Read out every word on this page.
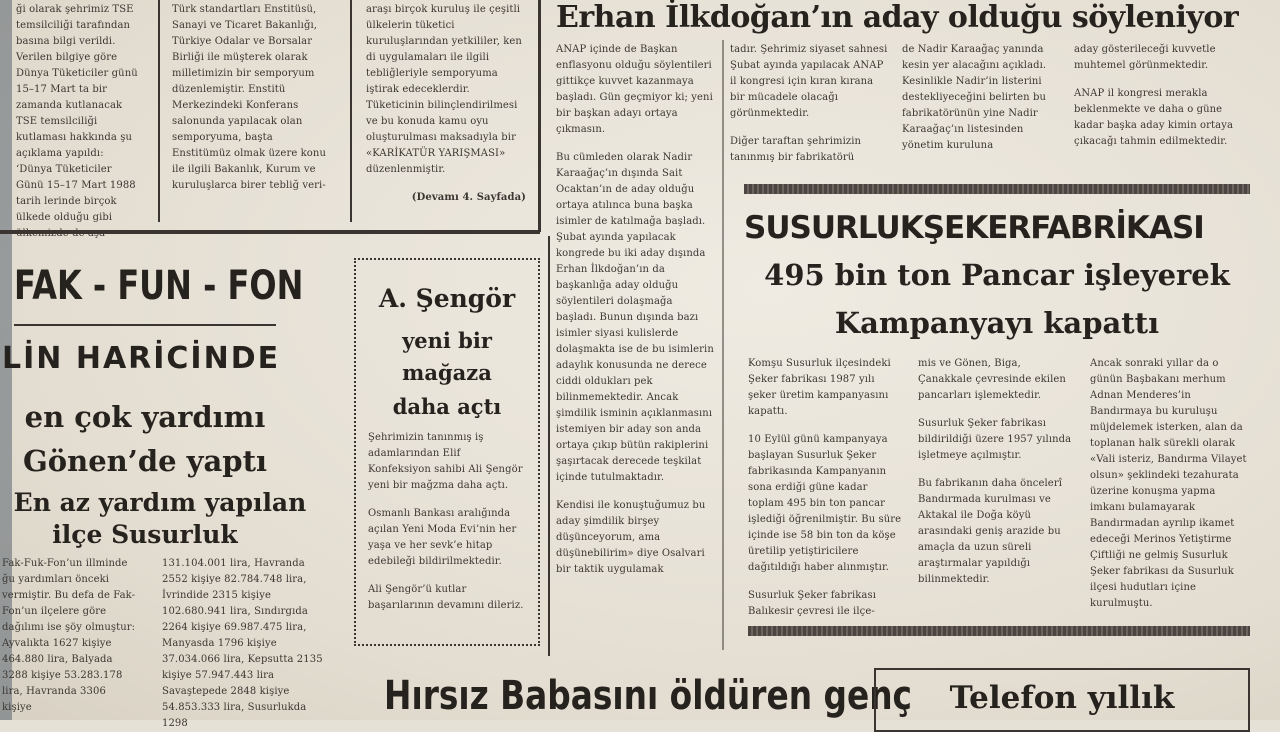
ği olarak şehrimiz TSE temsilciliği tarafından basına bilgi verildi. Verilen bilgiye göre Dünya Tüketiciler günü 15–17 Mart ta bir zamanda kutlanacak TSE temsilciliği kutlaması hakkında şu açıklama yapıldı: ‘Dünya Tüketiciler Günü 15–17 Mart 1988 tarih lerinde birçok ülkede olduğu gibi

Türk standartları Enstitüsü, Sanayi ve Ticaret Bakanlığı, Türkiye Odalar ve Borsalar Birliği ile müşterek olarak milletimizin bir semporyum düzenlemiştir. Enstitü Merkezindeki Konferans salonunda yapılacak olan semporyuma, başta Enstitümüz olmak üzere konu ile ilgili Bakanlık, Kurum ve kuruluşlarca birer tebliğ veri-

araşı birçok kuruluş ile çeşitli ülkelerin tüketici kuruluşlarından yetkililer, ken di uygulamaları ile ilgili tebliğleriyle semporyuma iştirak edeceklerdir. Tüketicinin bilinçlendirilmesi ve bu konuda kamu oyu oluşturulması maksadıyla bir «KARİKATÜR YARIŞMASI» düzenlenmiştir.

(Devamı 4. Sayfada)
Erhan İlkdoğan’ın aday olduğu söyleniyor

ANAP içinde de Başkan enflasyonu olduğu söylentileri gittikçe kuvvet kazanmaya başladı. Gün geçmiyor ki; yeni bir başkan adayı ortaya çıkmasın.

Bu cümleden olarak Nadir Karaağaç’ın dışında Sait Ocaktan’ın de aday olduğu ortaya atılınca buna başka isimler de katılmağa başladı. Şubat ayında yapılacak kongrede bu iki aday dışında Erhan İlkdoğan’ın da başkanlığa aday olduğu söylentileri dolaşmağa başladı. Bunun dışında bazı isimler siyasi kulislerde dolaşmakta ise de bu isimlerin adaylık konusunda ne derece ciddi oldukları pek bilinmemektedir. Ancak şimdilik isminin açıklanmasını istemiyen bir aday son anda ortaya çıkıp bütün rakiplerini şaşırtacak derecede teşkilat içinde tutulmaktadır.

Kendisi ile konuştuğumuz bu aday şimdilik birşey düşünceyorum, ama düşünebilirim» diye Osalvari bir taktik uygulamak

tadır. Şehrimiz siyaset sahnesi Şubat ayında yapılacak ANAP il kongresi için kıran kırana bir mücadele olacağı görünmektedir.

Diğer taraftan şehrimizin tanınmış bir fabrikatörü

de Nadir Karaağaç yanında kesin yer alacağını açıkladı. Kesinlikle Nadir’in listerini destekliyeceğini belirten bu fabrikatörünün yine Nadir Karaağaç’ın listesinden yönetim kuruluna

aday gösterileceği kuvvetle muhtemel görünmektedir.

ANAP il kongresi merakla beklenmekte ve daha o güne kadar başka aday kimin ortaya çıkacağı tahmin edilmektedir.

SUSURLUKŞEKERFABRİKASI
495 bin ton Pancar işleyerek
Kampanyayı kapattı

Komşu Susurluk ilçesindeki Şeker fabrikası 1987 yılı şeker üretim kampanyasını kapattı.

10 Eylül günü kampanyaya başlayan Susurluk Şeker fabrikasında Kampanyanın sona erdiği güne kadar toplam 495 bin ton pancar işlediği öğrenilmiştir. Bu süre içinde ise 58 bin ton da köşe üretilip yetiştiricilere dağıtıldığı haber alınmıştır.

Susurluk Şeker fabrikası Balıkesir çevresi ile ilçe-

mis ve Gönen, Biga, Çanakkale çevresinde ekilen pancarları işlemektedir.

Susurluk Şeker fabrikası bildirildiği üzere 1957 yılında işletmeye açılmıştır.

Bu fabrikanın daha öncelerî Bandırmada kurulması ve Aktakal ile Doğa köyü arasındaki geniş arazide bu amaçla da uzun süreli araştırmalar yapıldığı bilinmektedir.

Ancak sonraki yıllar da o günün Başbakanı merhum Adnan Menderes’in Bandırmaya bu kuruluşu müjdelemek isterken, alan da toplanan halk sürekli olarak «Vali isteriz, Bandırma Vilayet olsun» şeklindeki tezahurata üzerine konuşma yapma imkanı bulamayarak Bandırmadan ayrılıp ikamet edeceği Merinos Yetiştirme Çiftliği ne gelmiş Susurluk Şeker fabrikası da Susurluk ilçesi hudutları içine kurulmuştu.

FAK - FUN - FON
LİN HARİCİNDE
en çok yardımı
Gönen’de yaptı
En az yardım yapılan
ilçe Susurluk

Fak-Fuk-Fon’un illminde ğu yardımları önceki vermiştir. Bu defa de Fak-Fon’un ilçelere göre dağılımı ise şöy olmuştur: Ayvalıkta 1627 kişiye 464.880 lira, Balyada 3288 kişiye 53.283.178 lira, Havranda 3306 kişiye

131.104.001 lira, Havranda 2552 kişiye 82.784.748 lira, İvrindide 2315 kişiye 102.680.941 lira, Sındırgıda 2264 kişiye 69.987.475 lira, Manyasda 1796 kişiye 37.034.066 lira, Kepsutta 2135 kişiye 57.947.443 lira Savaştepede 2848 kişiye 54.853.333 lira, Susurlukda 1298

A. Şengör
yeni bir
mağaza
daha açtı

Şehrimizin tanınmış iş adamlarından Elif Konfeksiyon sahibi Ali Şengör yeni bir mağzma daha açtı.

Osmanlı Bankası aralığında açılan Yeni Moda Evi’nin her yaşa ve her sevk’e hitap edebileği bildirilmektedir.

Ali Şengör’ü kutlar başarılarının devamını dileriz.

Hırsız Babasını öldüren genç	Telefon yıllık
